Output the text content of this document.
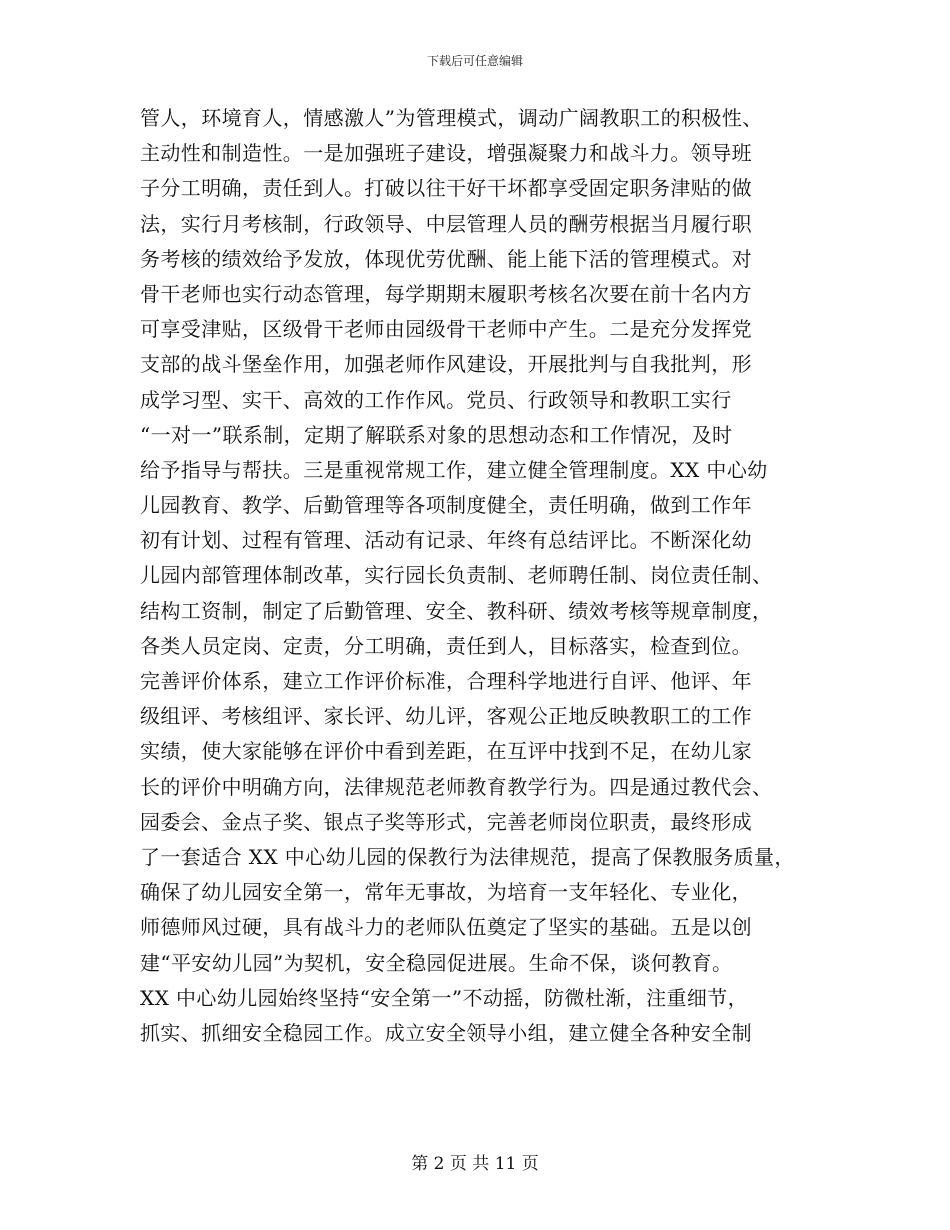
下载后可任意编辑
管人，环境育人，情感激人”为管理模式，调动广阔教职工的积极性、
主动性和制造性。一是加强班子建设，增强凝聚力和战斗力。领导班
子分工明确，责任到人。打破以往干好干坏都享受固定职务津贴的做
法，实行月考核制，行政领导、中层管理人员的酬劳根据当月履行职
务考核的绩效给予发放，体现优劳优酬、能上能下活的管理模式。对
骨干老师也实行动态管理，每学期期末履职考核名次要在前十名内方
可享受津贴，区级骨干老师由园级骨干老师中产生。二是充分发挥党
支部的战斗堡垒作用，加强老师作风建设，开展批判与自我批判，形
成学习型、实干、高效的工作作风。党员、行政领导和教职工实行
“一对一”联系制，定期了解联系对象的思想动态和工作情况，及时
给予指导与帮扶。三是重视常规工作，建立健全管理制度。XX 中心幼
儿园教育、教学、后勤管理等各项制度健全，责任明确，做到工作年
初有计划、过程有管理、活动有记录、年终有总结评比。不断深化幼
儿园内部管理体制改革，实行园长负责制、老师聘任制、岗位责任制、
结构工资制，制定了后勤管理、安全、教科研、绩效考核等规章制度，
各类人员定岗、定责，分工明确，责任到人，目标落实，检查到位。
完善评价体系，建立工作评价标准，合理科学地进行自评、他评、年
级组评、考核组评、家长评、幼儿评，客观公正地反映教职工的工作
实绩，使大家能够在评价中看到差距，在互评中找到不足，在幼儿家
长的评价中明确方向，法律规范老师教育教学行为。四是通过教代会、
园委会、金点子奖、银点子奖等形式，完善老师岗位职责，最终形成
了一套适合 XX 中心幼儿园的保教行为法律规范，提高了保教服务质量，
确保了幼儿园安全第一，常年无事故，为培育一支年轻化、专业化，
师德师风过硬，具有战斗力的老师队伍奠定了坚实的基础。五是以创
建“平安幼儿园”为契机，安全稳园促进展。生命不保，谈何教育。
XX 中心幼儿园始终坚持“安全第一”不动摇，防微杜渐，注重细节，
抓实、抓细安全稳园工作。成立安全领导小组，建立健全各种安全制
第 2 页 共 11 页
